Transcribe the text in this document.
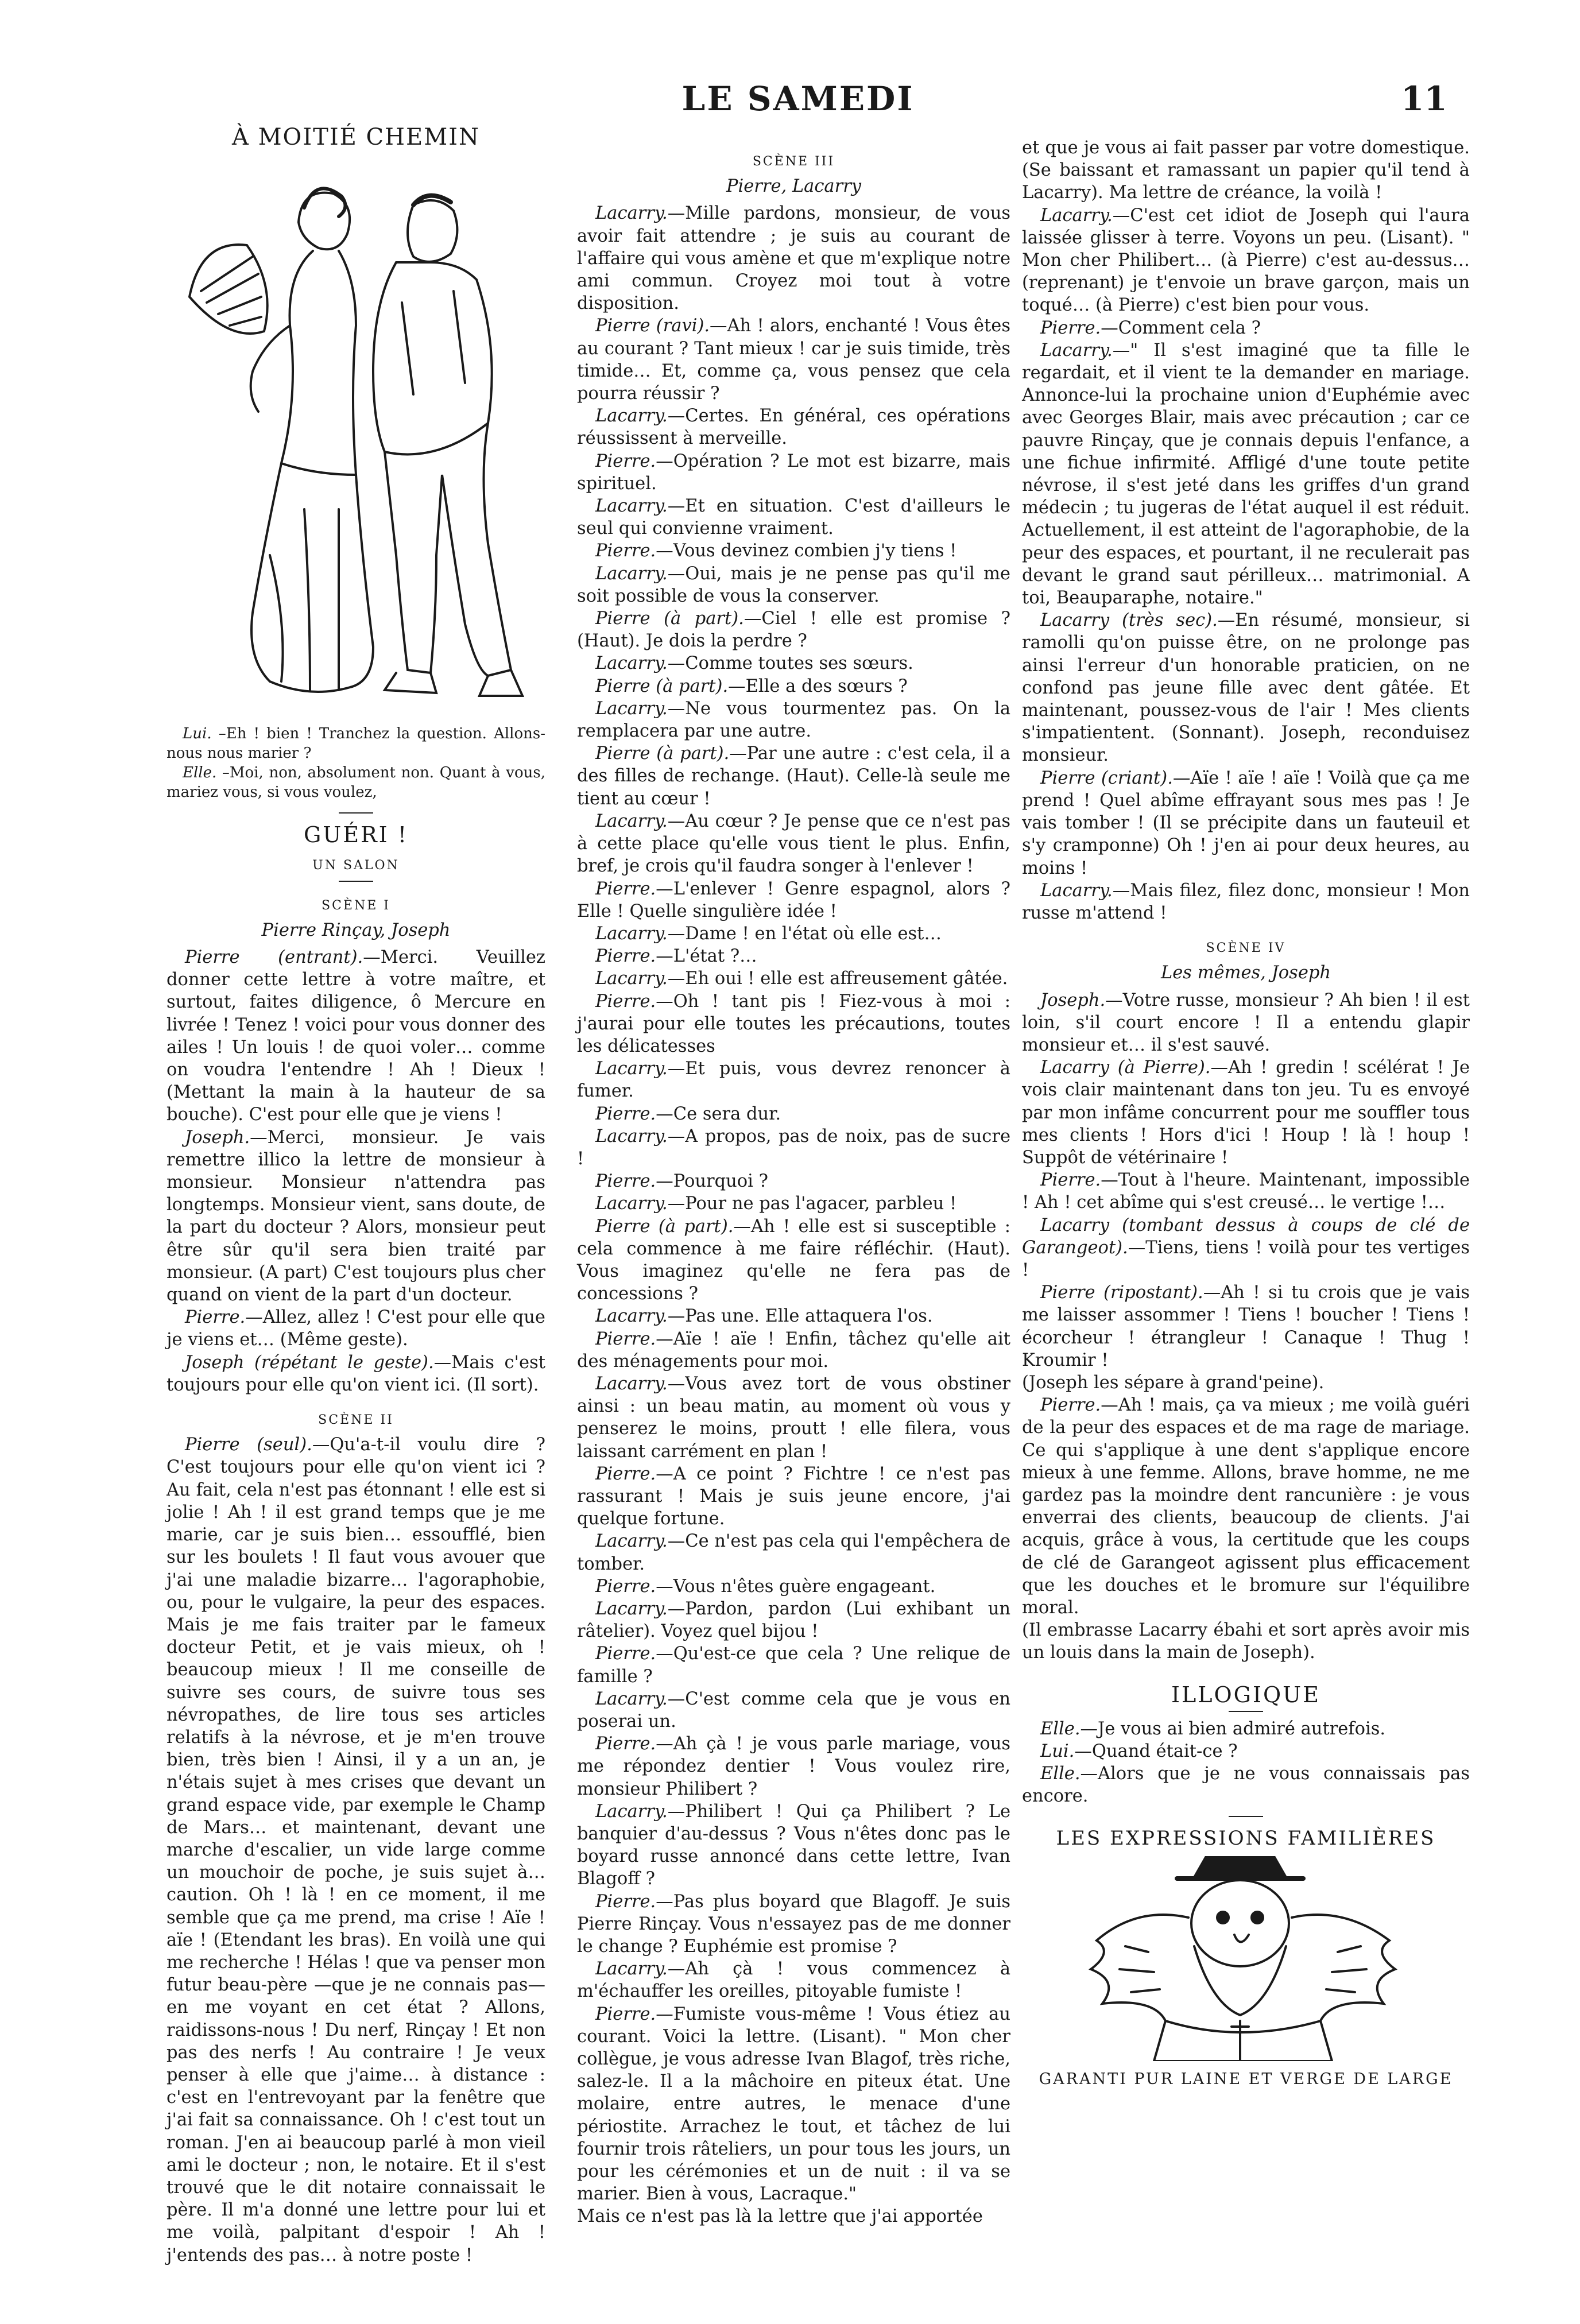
LE SAMEDI	11
À MOITIÉ CHEMIN

Lui. –Eh ! bien ! Tranchez la question. Allons-nous nous marier ?

Elle. –Moi, non, absolument non. Quant à vous, mariez vous, si vous voulez,

GUÉRI !
UN SALON
SCÈNE I
Pierre Rinçay, Joseph

Pierre (entrant).—Merci. Veuillez donner cette lettre à votre maître, et surtout, faites diligence, ô Mercure en livrée ! Tenez ! voici pour vous donner des ailes ! Un louis ! de quoi voler… comme on voudra l'entendre ! Ah ! Dieux ! (Mettant la main à la hauteur de sa bouche). C'est pour elle que je viens !

Joseph.—Merci, monsieur. Je vais remettre illico la lettre de monsieur à monsieur. Monsieur n'attendra pas longtemps. Monsieur vient, sans doute, de la part du docteur ? Alors, monsieur peut être sûr qu'il sera bien traité par monsieur. (A part) C'est toujours plus cher quand on vient de la part d'un docteur.

Pierre.—Allez, allez ! C'est pour elle que je viens et… (Même geste).

Joseph (répétant le geste).—Mais c'est toujours pour elle qu'on vient ici. (Il sort).

SCÈNE II

Pierre (seul).—Qu'a-t-il voulu dire ? C'est toujours pour elle qu'on vient ici ? Au fait, cela n'est pas étonnant ! elle est si jolie ! Ah ! il est grand temps que je me marie, car je suis bien… essoufflé, bien sur les boulets ! Il faut vous avouer que j'ai une maladie bizarre… l'agoraphobie, ou, pour le vulgaire, la peur des espaces. Mais je me fais traiter par le fameux docteur Petit, et je vais mieux, oh ! beaucoup mieux ! Il me conseille de suivre ses cours, de suivre tous ses névropathes, de lire tous ses articles relatifs à la névrose, et je m'en trouve bien, très bien ! Ainsi, il y a un an, je n'étais sujet à mes crises que devant un grand espace vide, par exemple le Champ de Mars… et maintenant, devant une marche d'escalier, un vide large comme un mouchoir de poche, je suis sujet à… caution. Oh ! là ! en ce moment, il me semble que ça me prend, ma crise ! Aïe ! aïe ! (Etendant les bras). En voilà une qui me recherche ! Hélas ! que va penser mon futur beau-père —que je ne connais pas—en me voyant en cet état ? Allons, raidissons-nous ! Du nerf, Rinçay ! Et non pas des nerfs ! Au contraire ! Je veux penser à elle que j'aime… à distance : c'est en l'entrevoyant par la fenêtre que j'ai fait sa connaissance. Oh ! c'est tout un roman. J'en ai beaucoup parlé à mon vieil ami le docteur ; non, le notaire. Et il s'est trouvé que le dit notaire connaissait le père. Il m'a donné une lettre pour lui et me voilà, palpitant d'espoir ! Ah ! j'entends des pas… à notre poste !

SCÈNE III
Pierre, Lacarry

Lacarry.—Mille pardons, monsieur, de vous avoir fait attendre ; je suis au courant de l'affaire qui vous amène et que m'explique notre ami commun. Croyez moi tout à votre disposition.

Pierre (ravi).—Ah ! alors, enchanté ! Vous êtes au courant ? Tant mieux ! car je suis timide, très timide… Et, comme ça, vous pensez que cela pourra réussir ?

Lacarry.—Certes. En général, ces opérations réussissent à merveille.

Pierre.—Opération ? Le mot est bizarre, mais spirituel.

Lacarry.—Et en situation. C'est d'ailleurs le seul qui convienne vraiment.

Pierre.—Vous devinez combien j'y tiens !

Lacarry.—Oui, mais je ne pense pas qu'il me soit possible de vous la conserver.

Pierre (à part).—Ciel ! elle est promise ? (Haut). Je dois la perdre ?

Lacarry.—Comme toutes ses sœurs.

Pierre (à part).—Elle a des sœurs ?

Lacarry.—Ne vous tourmentez pas. On la remplacera par une autre.

Pierre (à part).—Par une autre : c'est cela, il a des filles de rechange. (Haut). Celle-là seule me tient au cœur !

Lacarry.—Au cœur ? Je pense que ce n'est pas à cette place qu'elle vous tient le plus. Enfin, bref, je crois qu'il faudra songer à l'enlever !

Pierre.—L'enlever ! Genre espagnol, alors ? Elle ! Quelle singulière idée !

Lacarry.—Dame ! en l'état où elle est…

Pierre.—L'état ?…

Lacarry.—Eh oui ! elle est affreusement gâtée.

Pierre.—Oh ! tant pis ! Fiez-vous à moi : j'aurai pour elle toutes les précautions, toutes les délicatesses

Lacarry.—Et puis, vous devrez renoncer à fumer.

Pierre.—Ce sera dur.

Lacarry.—A propos, pas de noix, pas de sucre !

Pierre.—Pourquoi ?

Lacarry.—Pour ne pas l'agacer, parbleu !

Pierre (à part).—Ah ! elle est si susceptible : cela commence à me faire réfléchir. (Haut). Vous imaginez qu'elle ne fera pas de concessions ?

Lacarry.—Pas une. Elle attaquera l'os.

Pierre.—Aïe ! aïe ! Enfin, tâchez qu'elle ait des ménagements pour moi.

Lacarry.—Vous avez tort de vous obstiner ainsi : un beau matin, au moment où vous y penserez le moins, proutt ! elle filera, vous laissant carrément en plan !

Pierre.—A ce point ? Fichtre ! ce n'est pas rassurant ! Mais je suis jeune encore, j'ai quelque fortune.

Lacarry.—Ce n'est pas cela qui l'empêchera de tomber.

Pierre.—Vous n'êtes guère engageant.

Lacarry.—Pardon, pardon (Lui exhibant un râtelier). Voyez quel bijou !

Pierre.—Qu'est-ce que cela ? Une relique de famille ?

Lacarry.—C'est comme cela que je vous en poserai un.

Pierre.—Ah çà ! je vous parle mariage, vous me répondez dentier ! Vous voulez rire, monsieur Philibert ?

Lacarry.—Philibert ! Qui ça Philibert ? Le banquier d'au-dessus ? Vous n'êtes donc pas le boyard russe annoncé dans cette lettre, Ivan Blagoff ?

Pierre.—Pas plus boyard que Blagoff. Je suis Pierre Rinçay. Vous n'essayez pas de me donner le change ? Euphémie est promise ?

Lacarry.—Ah çà ! vous commencez à m'échauffer les oreilles, pitoyable fumiste !

Pierre.—Fumiste vous-même ! Vous étiez au courant. Voici la lettre. (Lisant). " Mon cher collègue, je vous adresse Ivan Blagof, très riche, salez-le. Il a la mâchoire en piteux état. Une molaire, entre autres, le menace d'une périostite. Arrachez le tout, et tâchez de lui fournir trois râteliers, un pour tous les jours, un pour les cérémonies et un de nuit : il va se marier. Bien à vous, Lacraque."

Mais ce n'est pas là la lettre que j'ai apportée

et que je vous ai fait passer par votre domestique. (Se baissant et ramassant un papier qu'il tend à Lacarry). Ma lettre de créance, la voilà !

Lacarry.—C'est cet idiot de Joseph qui l'aura laissée glisser à terre. Voyons un peu. (Lisant). " Mon cher Philibert… (à Pierre) c'est au-dessus… (reprenant) je t'envoie un brave garçon, mais un toqué… (à Pierre) c'est bien pour vous.

Pierre.—Comment cela ?

Lacarry.—" Il s'est imaginé que ta fille le regardait, et il vient te la demander en mariage. Annonce-lui la prochaine union d'Euphémie avec avec Georges Blair, mais avec précaution ; car ce pauvre Rinçay, que je connais depuis l'enfance, a une fichue infirmité. Affligé d'une toute petite névrose, il s'est jeté dans les griffes d'un grand médecin ; tu jugeras de l'état auquel il est réduit. Actuellement, il est atteint de l'agoraphobie, de la peur des espaces, et pourtant, il ne reculerait pas devant le grand saut périlleux… matrimonial. A toi, Beauparaphe, notaire."

Lacarry (très sec).—En résumé, monsieur, si ramolli qu'on puisse être, on ne prolonge pas ainsi l'erreur d'un honorable praticien, on ne confond pas jeune fille avec dent gâtée. Et maintenant, poussez-vous de l'air ! Mes clients s'impatientent. (Sonnant). Joseph, reconduisez monsieur.

Pierre (criant).—Aïe ! aïe ! aïe ! Voilà que ça me prend ! Quel abîme effrayant sous mes pas ! Je vais tomber ! (Il se précipite dans un fauteuil et s'y cramponne) Oh ! j'en ai pour deux heures, au moins !

Lacarry.—Mais filez, filez donc, monsieur ! Mon russe m'attend !

SCÈNE IV
Les mêmes, Joseph

Joseph.—Votre russe, monsieur ? Ah bien ! il est loin, s'il court encore ! Il a entendu glapir monsieur et… il s'est sauvé.

Lacarry (à Pierre).—Ah ! gredin ! scélérat ! Je vois clair maintenant dans ton jeu. Tu es envoyé par mon infâme concurrent pour me souffler tous mes clients ! Hors d'ici ! Houp ! là ! houp ! Suppôt de vétérinaire !

Pierre.—Tout à l'heure. Maintenant, impossible ! Ah ! cet abîme qui s'est creusé… le vertige !…

Lacarry (tombant dessus à coups de clé de Garangeot).—Tiens, tiens ! voilà pour tes vertiges !

Pierre (ripostant).—Ah ! si tu crois que je vais me laisser assommer ! Tiens ! boucher ! Tiens ! écorcheur ! étrangleur ! Canaque ! Thug ! Kroumir !

(Joseph les sépare à grand'peine).

Pierre.—Ah ! mais, ça va mieux ; me voilà guéri de la peur des espaces et de ma rage de mariage. Ce qui s'applique à une dent s'applique encore mieux à une femme. Allons, brave homme, ne me gardez pas la moindre dent rancunière : je vous enverrai des clients, beaucoup de clients. J'ai acquis, grâce à vous, la certitude que les coups de clé de Garangeot agissent plus efficacement que les douches et le bromure sur l'équilibre moral.

(Il embrasse Lacarry ébahi et sort après avoir mis un louis dans la main de Joseph).

ILLOGIQUE

Elle.—Je vous ai bien admiré autrefois.

Lui.—Quand était-ce ?

Elle.—Alors que je ne vous connaissais pas encore.

LES EXPRESSIONS FAMILIÈRES
GARANTI PUR LAINE ET VERGE DE LARGE
